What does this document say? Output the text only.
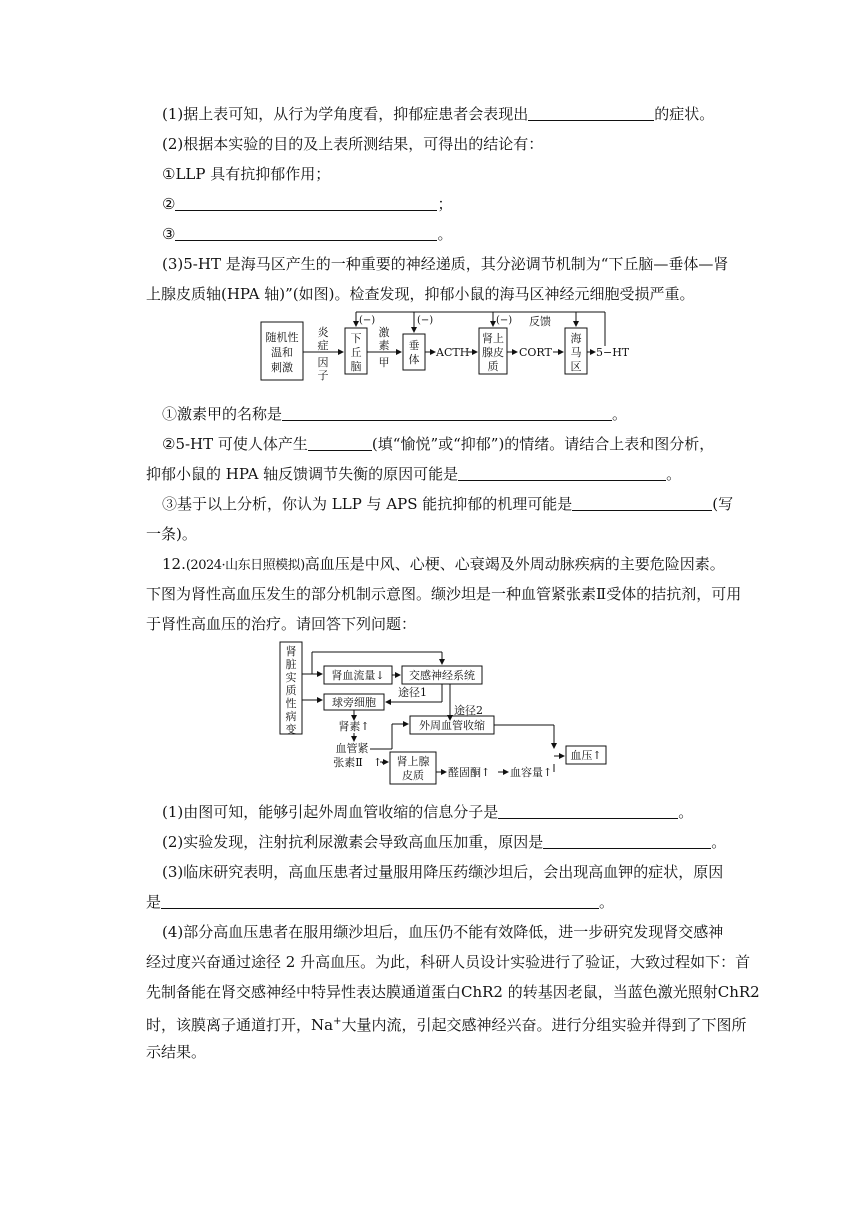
(1)据上表可知，从行为学角度看，抑郁症患者会表现出	的症状。
(2)根据本实验的目的及上表所测结果，可得出的结论有：
①LLP 具有抗抑郁作用；
②	；
③	。
(3)5-HT 是海马区产生的一种重要的神经递质，其分泌调节机制为“下丘脑—垂体—肾
上腺皮质轴(HPA 轴)”(如图)。检查发现，抑郁小鼠的海马区神经元细胞受损严重。
随机性
温和
刺激
炎
症
因
子
下
丘
脑
激
素
甲
垂
体
ACTH
肾上
腺皮
质
CORT
海
马
区
5−HT
反馈
(−)	(−)	(−)
①激素甲的名称是	。
②5-HT 可使人体产生	(填“愉悦”或“抑郁”)的情绪。请结合上表和图分析，
抑郁小鼠的 HPA 轴反馈调节失衡的原因可能是	。
③基于以上分析，你认为 LLP 与 APS 能抗抑郁的机理可能是	(写
一条)。
12.(2024·山东日照模拟)高血压是中风、心梗、心衰竭及外周动脉疾病的主要危险因素。
下图为肾性高血压发生的部分机制示意图。缬沙坦是一种血管紧张素Ⅱ受体的拮抗剂，可用
于肾性高血压的治疗。请回答下列问题：
肾
脏
实
质
性
病
变
肾血流量↓ 交感神经系统
球旁细胞
途径1
途径2
肾素↑
血管紧
张素Ⅱ ↑
外周血管收缩
肾上腺
皮质 醛固酮↑ 血容量↑
血压↑
(1)由图可知，能够引起外周血管收缩的信息分子是	。
(2)实验发现，注射抗利尿激素会导致高血压加重，原因是	。
(3)临床研究表明，高血压患者过量服用降压药缬沙坦后，会出现高血钾的症状，原因
是	。
(4)部分高血压患者在服用缬沙坦后，血压仍不能有效降低，进一步研究发现肾交感神
经过度兴奋通过途径 2 升高血压。为此，科研人员设计实验进行了验证，大致过程如下：首
先制备能在肾交感神经中特异性表达膜通道蛋白ChR2 的转基因老鼠，当蓝色激光照射ChR2
时，该膜离子通道打开，Na+大量内流，引起交感神经兴奋。进行分组实验并得到了下图所
示结果。
